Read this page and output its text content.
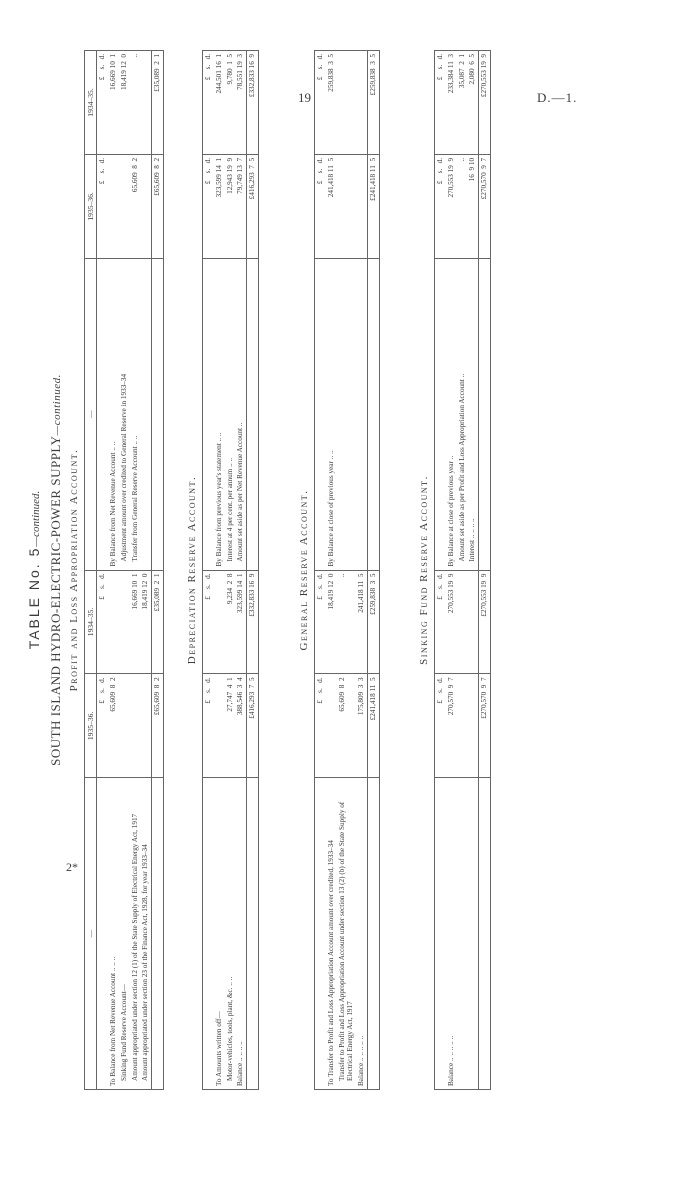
19	D.—1.
2*
TABLE No. 5—continued. SOUTH ISLAND HYDRO-ELECTRIC-POWER SUPPLY—continued.
Profit and Loss Appropriation Account.
—	1935–36.	1934–35.	—	1935–36.	1934–35.
	£    s.   d.	£    s.   d.		£    s.   d.	£    s.   d.
To Balance from Net Revenue Account .. .. ..	65,609  8  2		By Balance from Net Revenue Account .. ..		16,669 10  1
Sinking Fund Reserve Account—			Adjustment amount over credited to General Reserve in 1933–34		18,419 12  0
Amount appropriated under section 12 (1) of the State Supply of Electrical Energy Act, 1917		16,669 10  1	Transfer from General Reserve Account .. ..	65,609  8  2	..
Amount appropriated under section 23 of the Finance Act, 1928, for year 1933–34		18,419 12  0			
	£65,609  8  2	£35,089  2  1		£65,609  8  2	£35,089  2  1
Depreciation Reserve Account.
	£    s.   d.	£    s.   d.		£    s.   d.	£    s.   d.
To Amounts written off—			By Balance from previous year's statement .. ..	323,599 14  1	244,501 16  1
Motor-vehicles, tools, plant, &c. .. ..	27,747  4  1	9,234  2  8	Interest at 4 per cent. per annum .. ..	12,943 19  9	9,780  1  5
Balance .. .. .. ..	388,546  3  4	323,599 14  1	Amount set aside as per Net Revenue Account ..	79,749 13  7	78,551 19  3
	£416,293  7  5	£332,833 16  9		£416,293  7  5	£332,833 16  9
General Reserve Account.
	£    s.   d.	£    s.   d.		£    s.   d.	£    s.   d.
To Transfer to Profit and Loss Appropriation Account amount over credited, 1933–34		18,419 12  0	By Balance at close of previous year .. ..	241,418 11  5	259,838  3  5
Transfer to Profit and Loss Appropriation Account under section 13 (2) (b) of the State Supply of Electrical Energy Act, 1917	65,609  8  2	..			
Balance .. .. .. .. ..	175,809  3  3	241,418 11  5			
	£241,418 11  5	£259,838  3  5		£241,418 11  5	£259,838  3  5
Sinking Fund Reserve Account.
	£    s.   d.	£    s.   d.		£    s.   d.	£    s.   d.
Balance .. .. .. .. ..	270,570  9  7	270,553 19  9	By Balance at close of previous year ..	270,553 19  9	233,384 11  3
			Amount set aside as per Profit and Loss Appropriation Account ..	..	35,087  2  1
			Interest .. .. .. ..	16  9 10	2,080  6  5
	£270,570  9  7	£270,553 19  9		£270,570  9  7	£270,553 19  9
